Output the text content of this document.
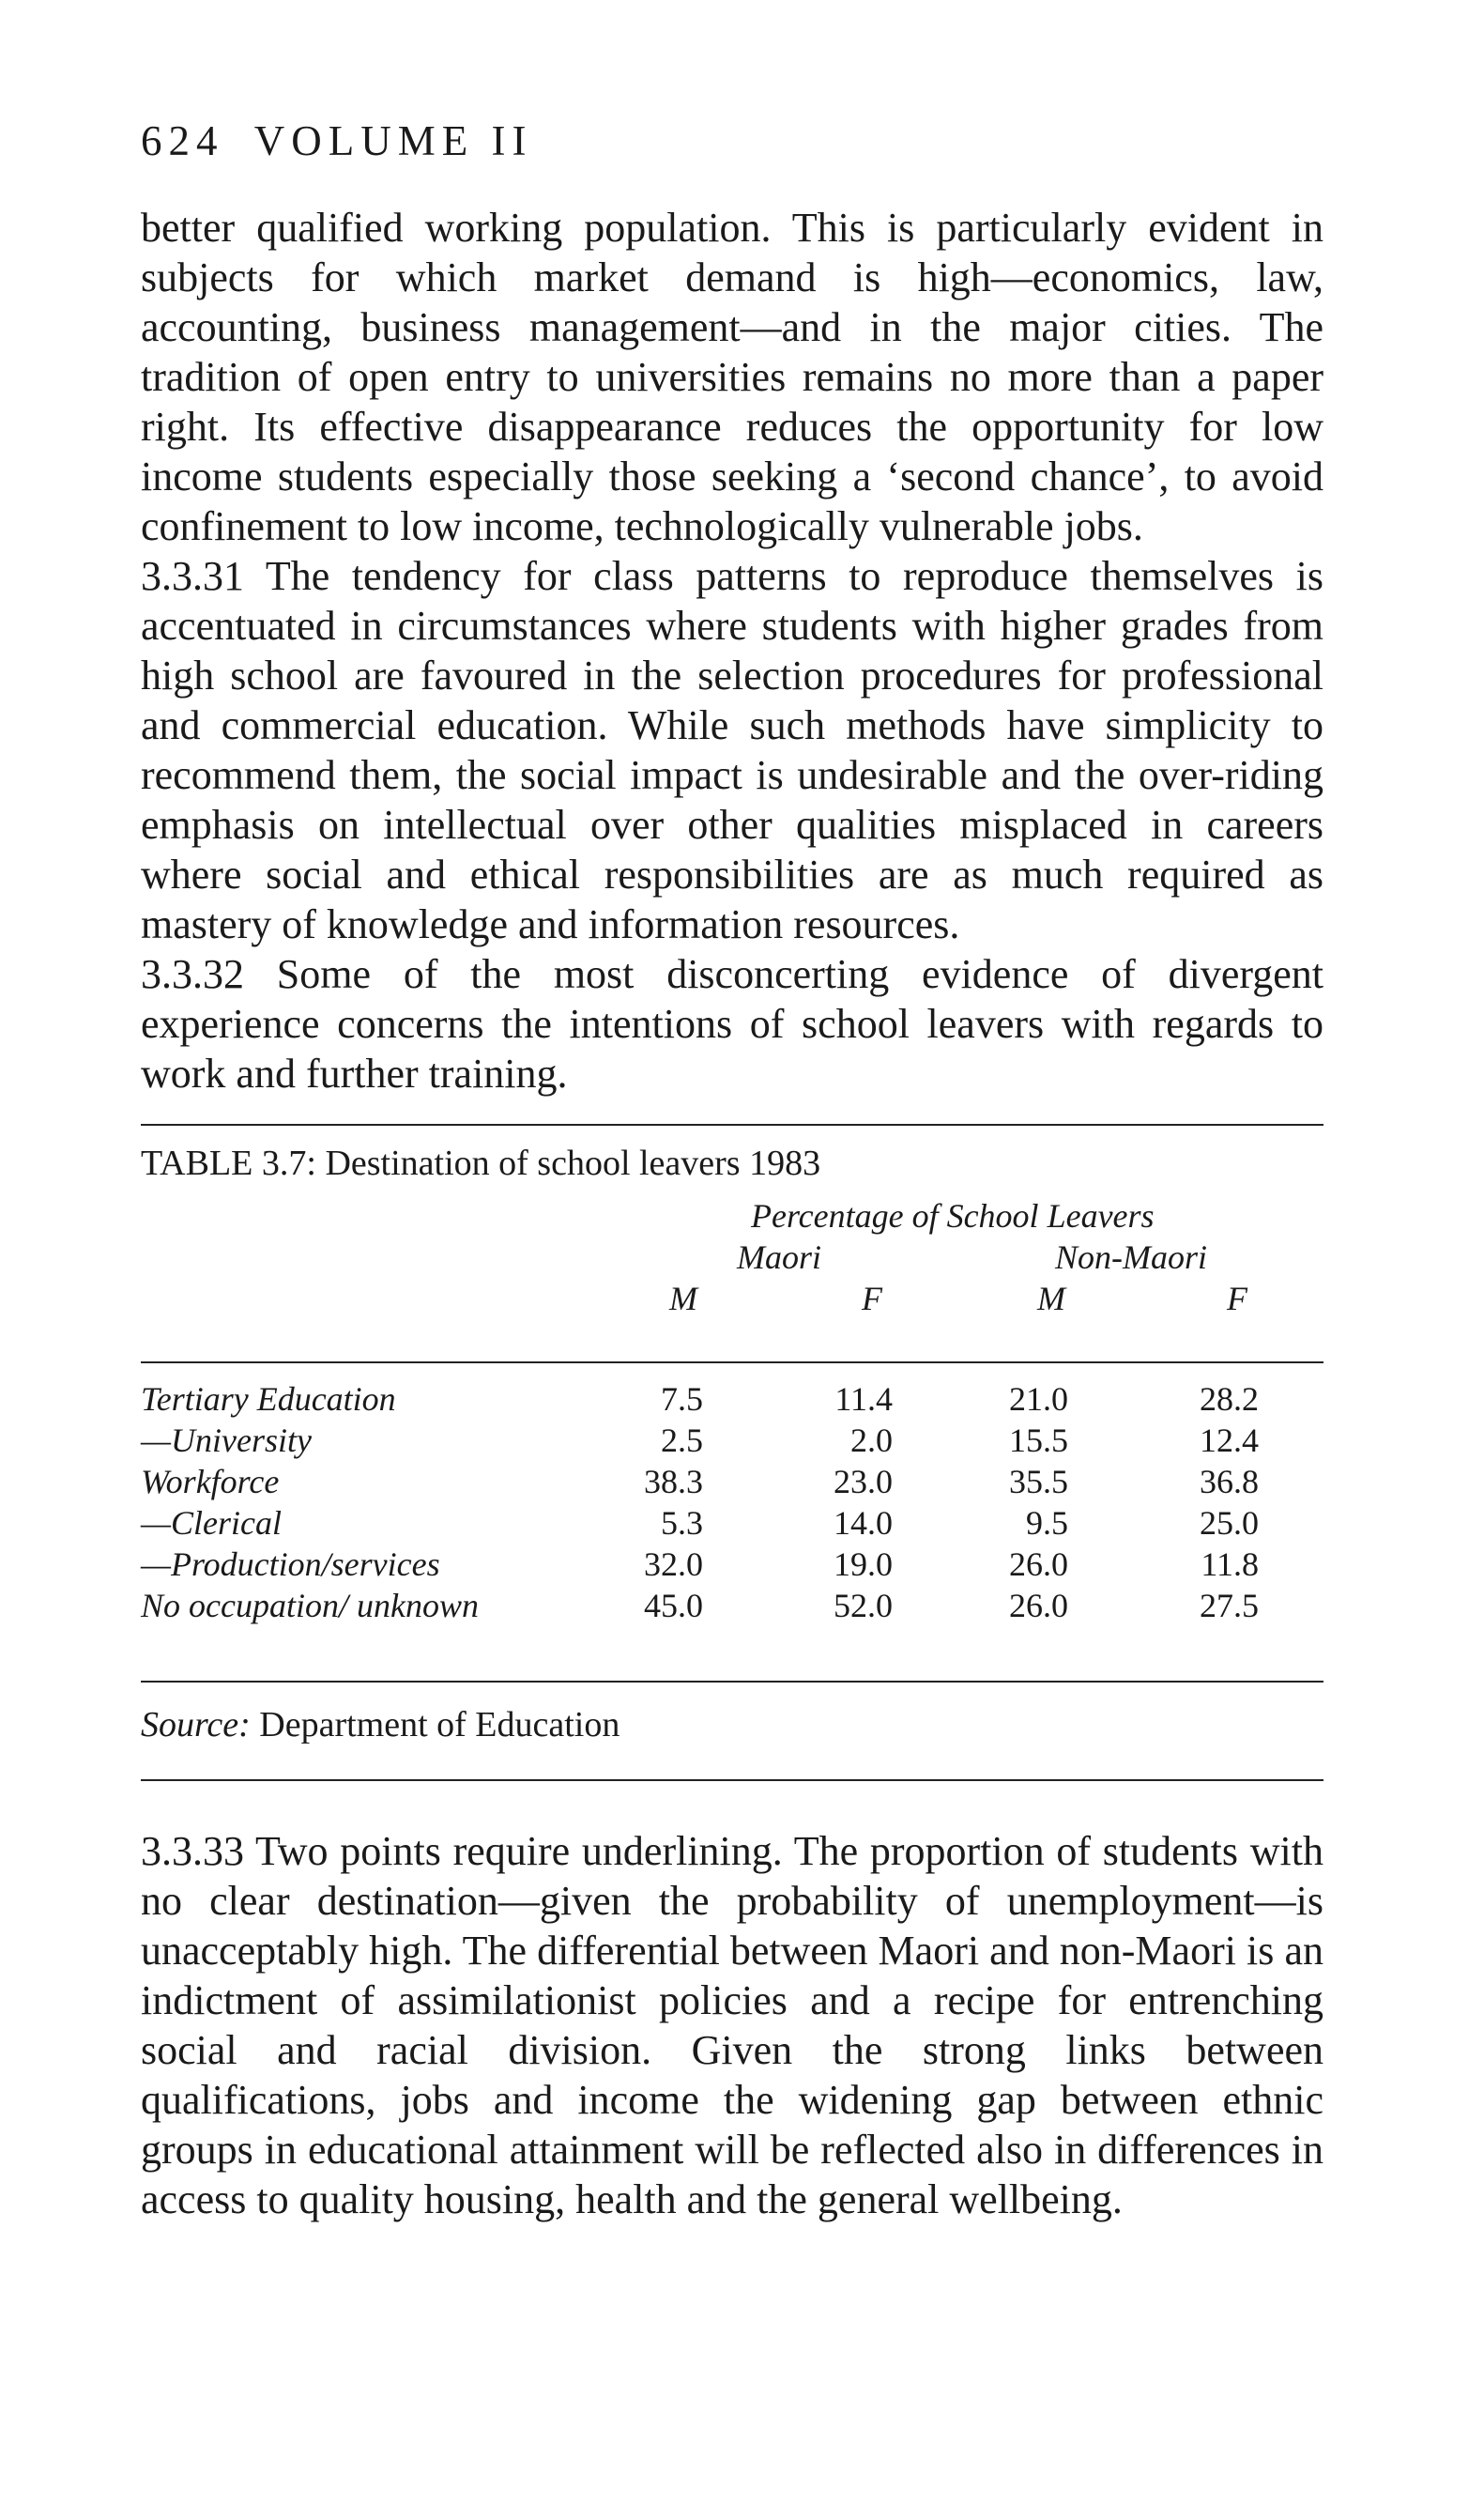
624 VOLUME II

better qualified working population. This is particularly evident in subjects for which market demand is high—economics, law, accounting, business management—and in the major cities. The tradition of open entry to universities remains no more than a paper right. Its effective disappearance reduces the opportunity for low income students especially those seeking a ‘second chance’, to avoid confinement to low income, technologically vulnerable jobs.

3.3.31 The tendency for class patterns to reproduce themselves is accentuated in circumstances where students with higher grades from high school are favoured in the selection procedures for professional and commercial education. While such methods have simplicity to recommend them, the social impact is undesirable and the over-riding emphasis on intellectual over other qualities misplaced in careers where social and ethical responsibilities are as much required as mastery of knowledge and information resources.

3.3.32 Some of the most disconcerting evidence of divergent experience concerns the intentions of school leavers with regards to work and further training.

TABLE 3.7: Destination of school leavers 1983
Percentage of School Leavers
Maori	Non-Maori
M	F	M	F
Tertiary Education	7.5	11.4	21.0	28.2
—University	2.5	2.0	15.5	12.4
Workforce	38.3	23.0	35.5	36.8
—Clerical	5.3	14.0	9.5	25.0
—Production/services	32.0	19.0	26.0	11.8
No occupation/ unknown	45.0	52.0	26.0	27.5
Source: Department of Education

3.3.33 Two points require underlining. The proportion of students with no clear destination—given the probability of unemployment—is unacceptably high. The differential between Maori and non-Maori is an indictment of assimilationist policies and a recipe for entrenching social and racial division. Given the strong links between qualifications, jobs and income the widening gap between ethnic groups in educational attainment will be reflected also in differences in access to quality housing, health and the general wellbeing.
